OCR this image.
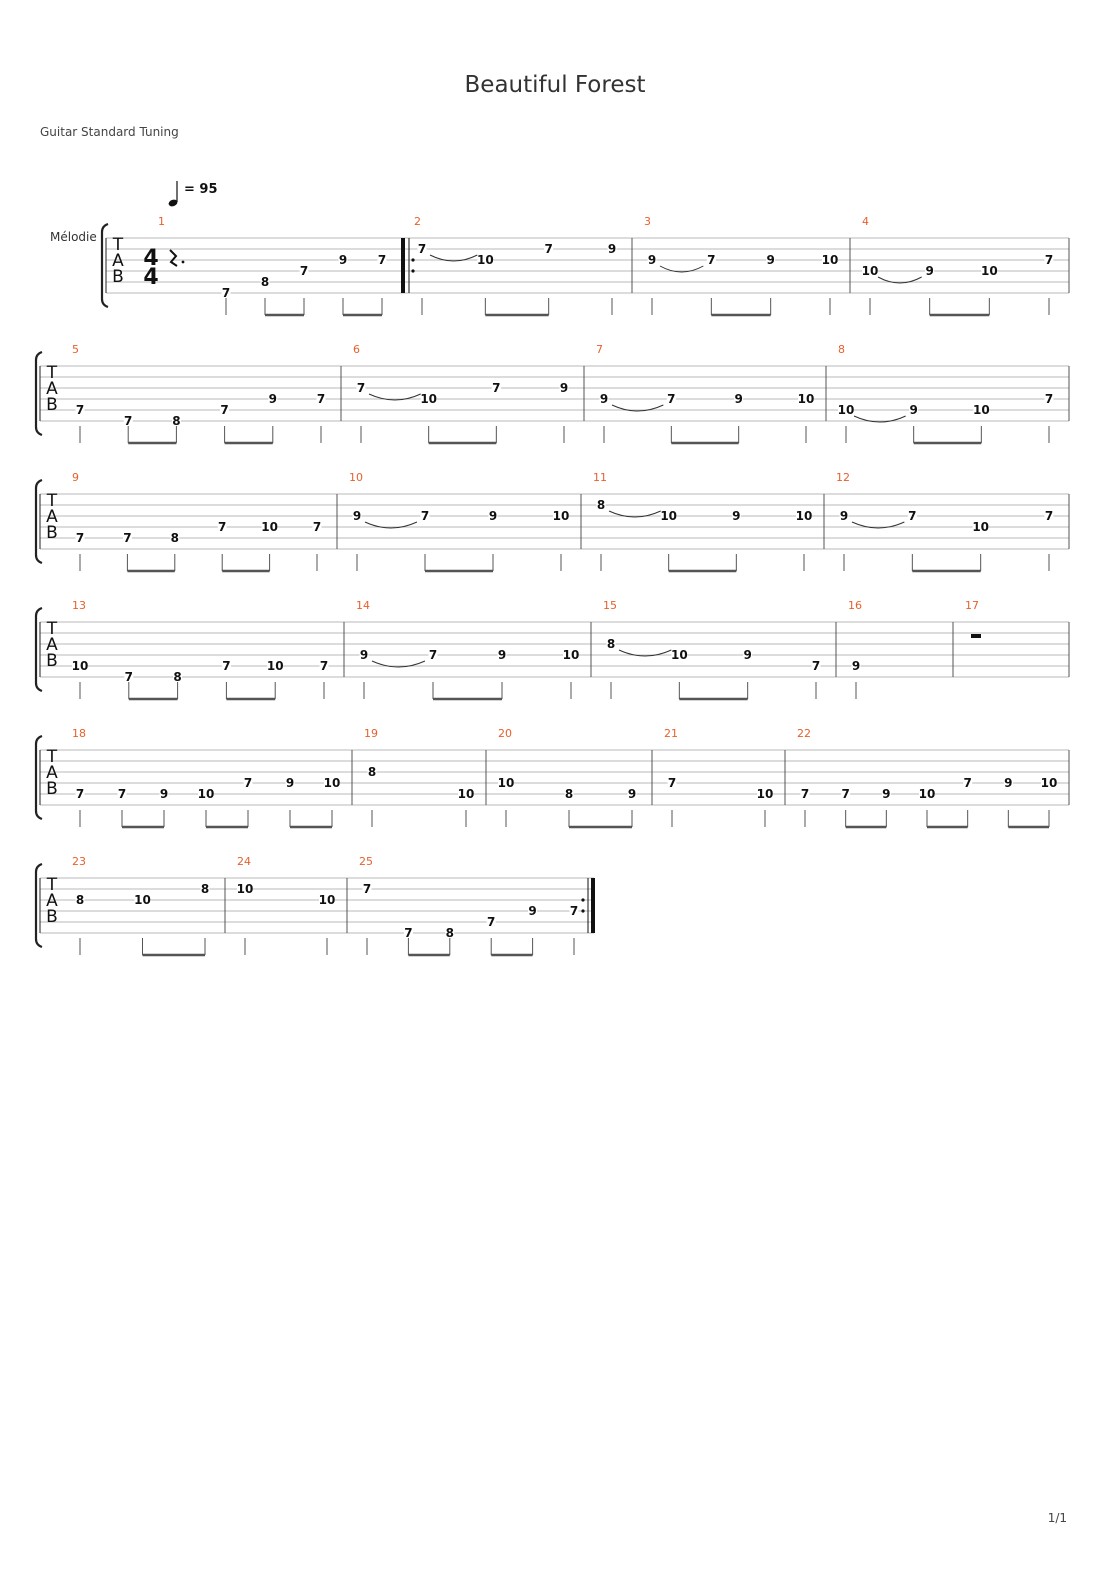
Beautiful Forest
Guitar Standard Tuning
= 95
Mélodie T
A
B
4
4
1
7
8
7
9	7
2
7
10
7	9
3
9	7	9	10
4
10	9	10
7
T
A
B
5
7
7	8
7
9	7
6
7
10
7	9
7
9	7	9	10
8
10	9	10
7
T
A
B
9
7	7	8
7	10	7
10
9	7	9	10
11
8
10	9	10
12
9	7
10
7
T
A
B
13
10
7	8
7	10	7
14
9	7	9	10
15
8
10	9
7
16
9
17
T
A
B
18
7	7	9 10
7	9 10
19
8
10
20
10
8	9
21
7
10
22
7	7	9 10
7	9 10
T
A
B
23
8	10
8
24
10
10
25
7
7	8
7
9	7
1/1
